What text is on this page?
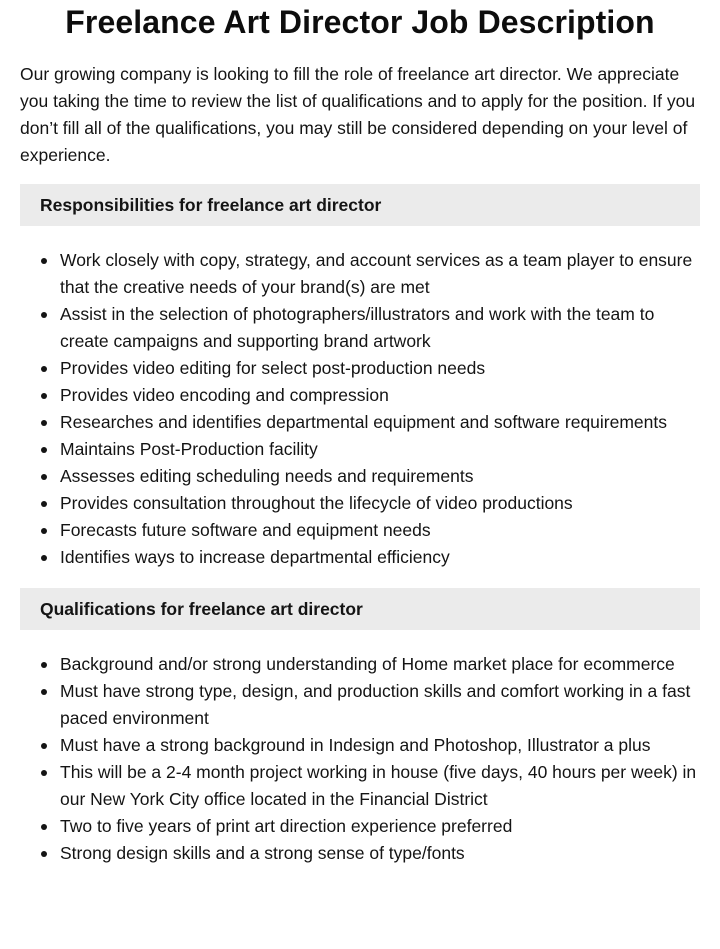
Freelance Art Director Job Description

Our growing company is looking to fill the role of freelance art director. We appreciate you taking the time to review the list of qualifications and to apply for the position. If you don’t fill all of the qualifications, you may still be considered depending on your level of experience.

Responsibilities for freelance art director
Work closely with copy, strategy, and account services as a team player to ensure that the creative needs of your brand(s) are met
Assist in the selection of photographers/illustrators and work with the team to create campaigns and supporting brand artwork
Provides video editing for select post-production needs
Provides video encoding and compression
Researches and identifies departmental equipment and software requirements
Maintains Post-Production facility
Assesses editing scheduling needs and requirements
Provides consultation throughout the lifecycle of video productions
Forecasts future software and equipment needs
Identifies ways to increase departmental efficiency
Qualifications for freelance art director
Background and/or strong understanding of Home market place for ecommerce
Must have strong type, design, and production skills and comfort working in a fast paced environment
Must have a strong background in Indesign and Photoshop, Illustrator a plus
This will be a 2-4 month project working in house (five days, 40 hours per week) in our New York City office located in the Financial District
Two to five years of print art direction experience preferred
Strong design skills and a strong sense of type/fonts
